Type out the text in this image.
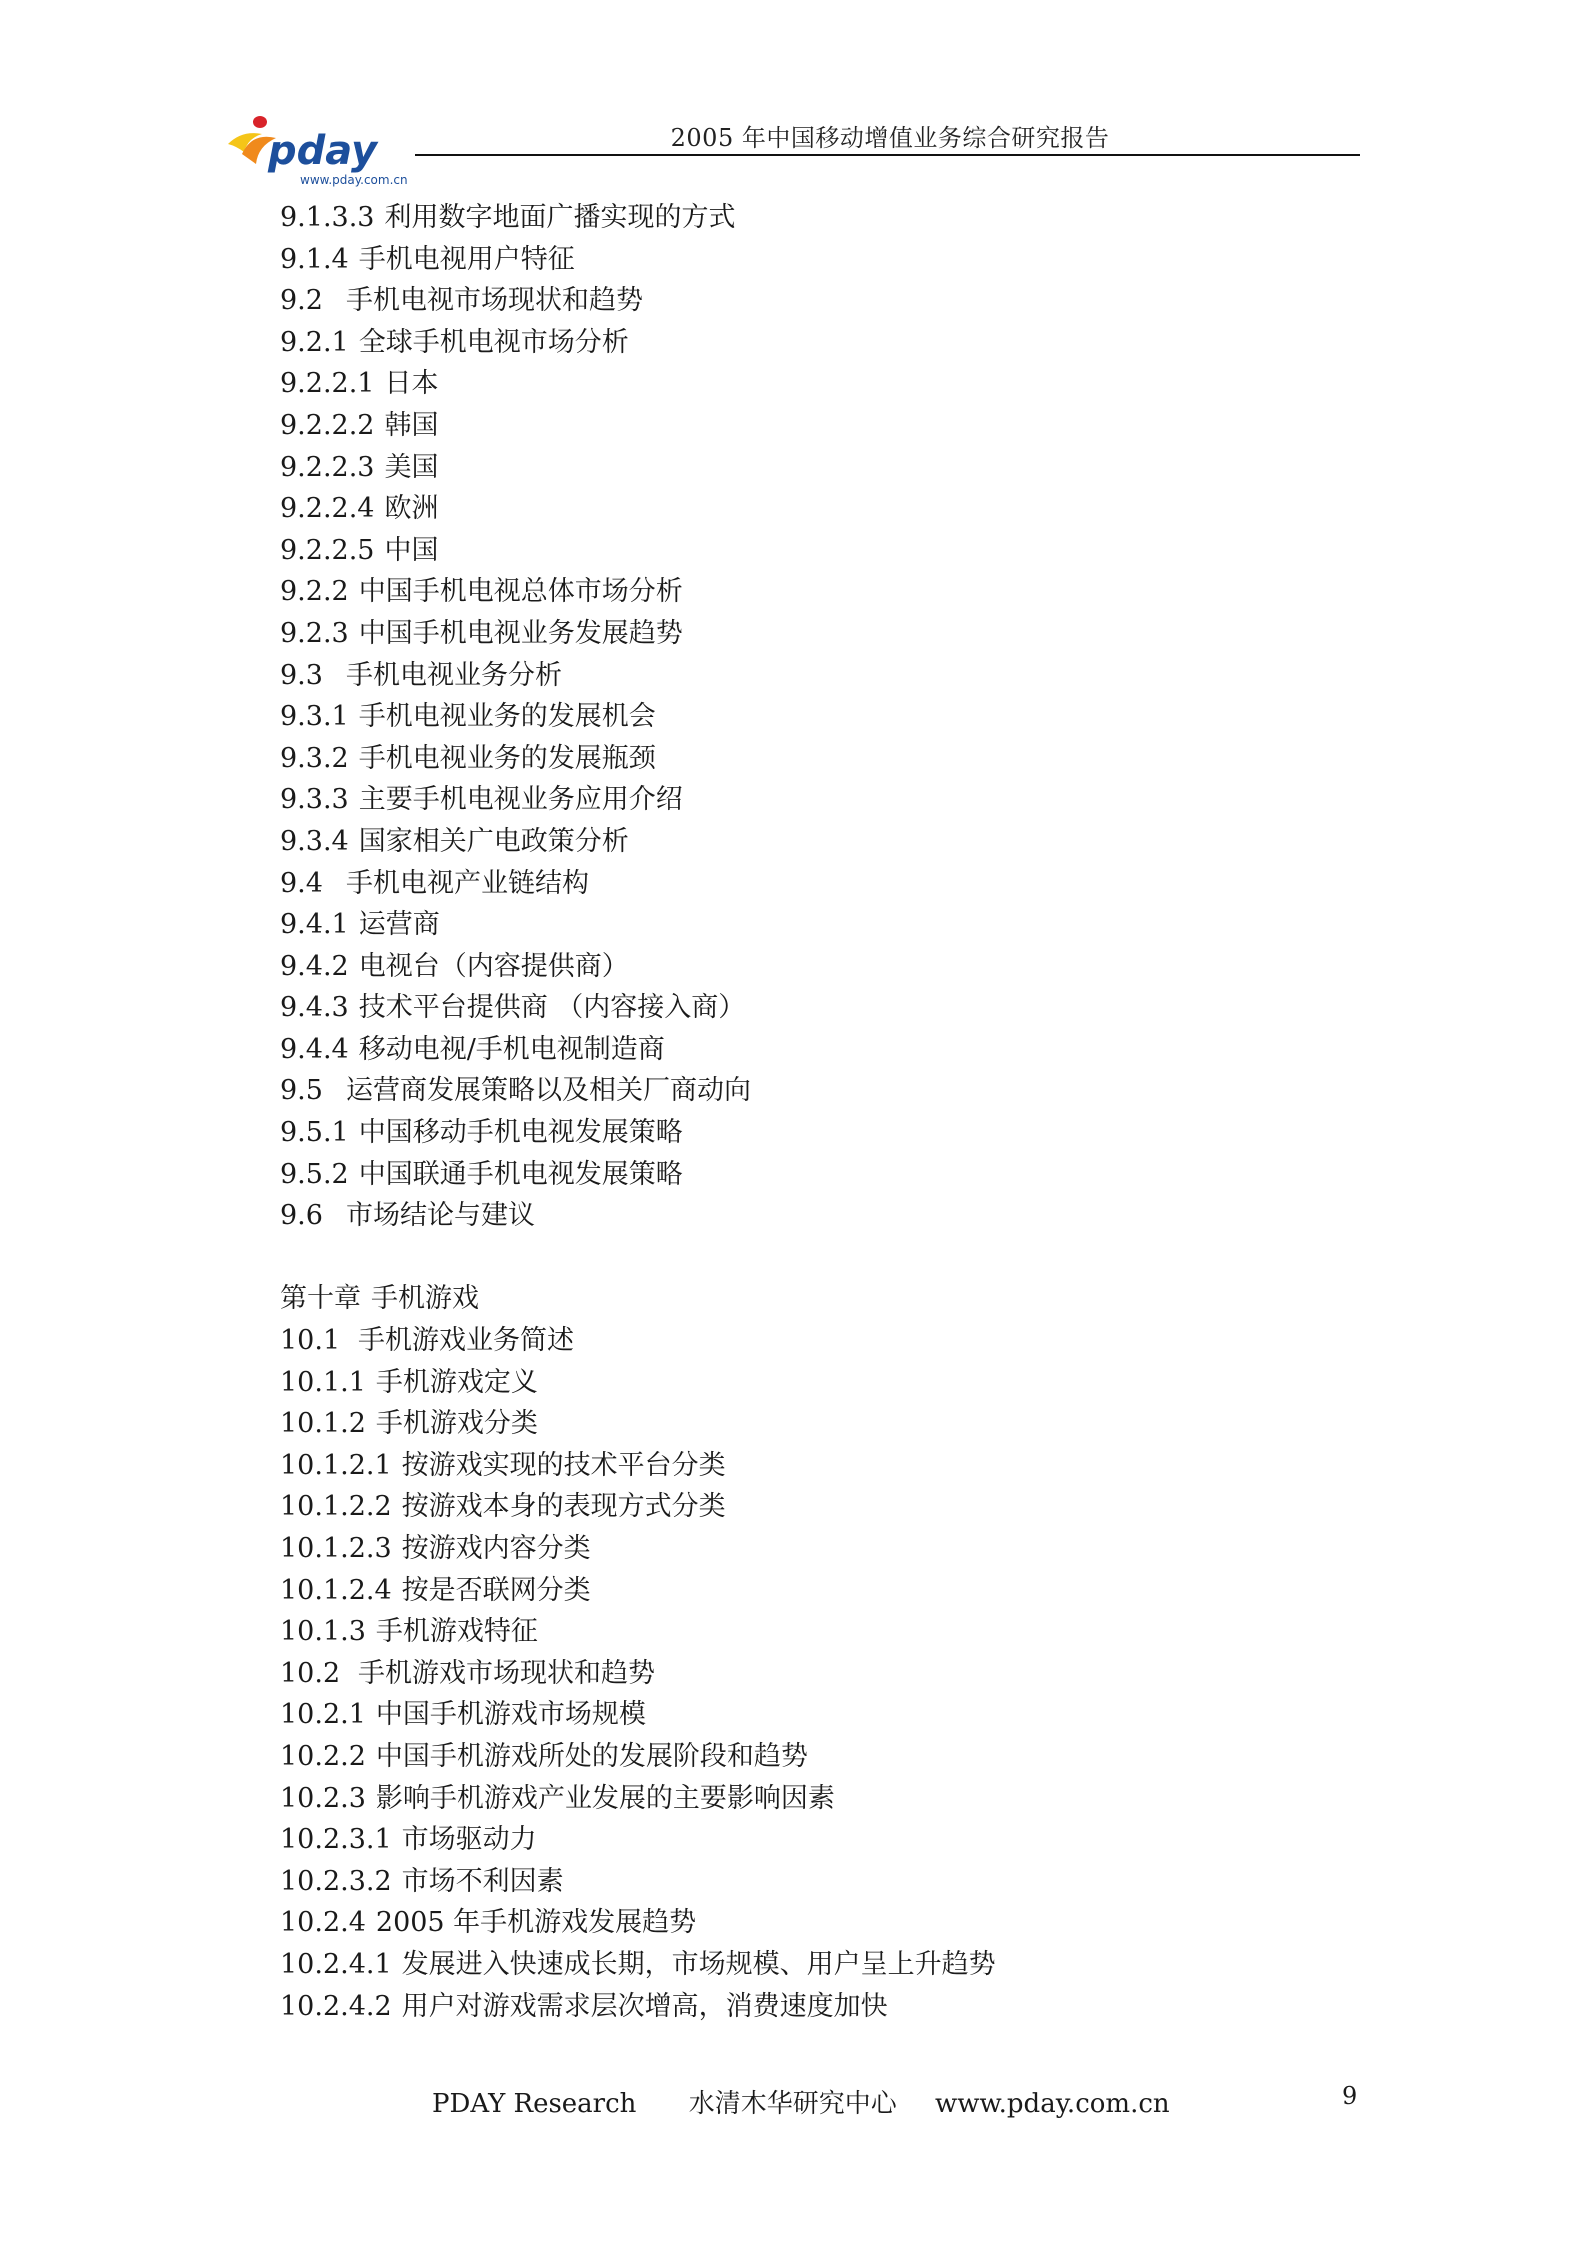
pday
www.pday.com.cn
2005 年中国移动增值业务综合研究报告
9.1.3.3 利用数字地面广播实现的方式
9.1.4 手机电视用户特征
9.2 手机电视市场现状和趋势
9.2.1 全球手机电视市场分析
9.2.2.1 日本
9.2.2.2 韩国
9.2.2.3 美国
9.2.2.4 欧洲
9.2.2.5 中国
9.2.2 中国手机电视总体市场分析
9.2.3 中国手机电视业务发展趋势
9.3 手机电视业务分析
9.3.1 手机电视业务的发展机会
9.3.2 手机电视业务的发展瓶颈
9.3.3 主要手机电视业务应用介绍
9.3.4 国家相关广电政策分析
9.4 手机电视产业链结构
9.4.1 运营商
9.4.2 电视台（内容提供商）
9.4.3 技术平台提供商 （内容接入商）
9.4.4 移动电视/手机电视制造商
9.5 运营商发展策略以及相关厂商动向
9.5.1 中国移动手机电视发展策略
9.5.2 中国联通手机电视发展策略
9.6 市场结论与建议
第十章 手机游戏
10.1 手机游戏业务简述
10.1.1 手机游戏定义
10.1.2 手机游戏分类
10.1.2.1 按游戏实现的技术平台分类
10.1.2.2 按游戏本身的表现方式分类
10.1.2.3 按游戏内容分类
10.1.2.4 按是否联网分类
10.1.3 手机游戏特征
10.2 手机游戏市场现状和趋势
10.2.1 中国手机游戏市场规模
10.2.2 中国手机游戏所处的发展阶段和趋势
10.2.3 影响手机游戏产业发展的主要影响因素
10.2.3.1 市场驱动力
10.2.3.2 市场不利因素
10.2.4 2005 年手机游戏发展趋势
10.2.4.1 发展进入快速成长期，市场规模、用户呈上升趋势
10.2.4.2 用户对游戏需求层次增高，消费速度加快
PDAY Research 水清木华研究中心 www.pday.com.cn	9
